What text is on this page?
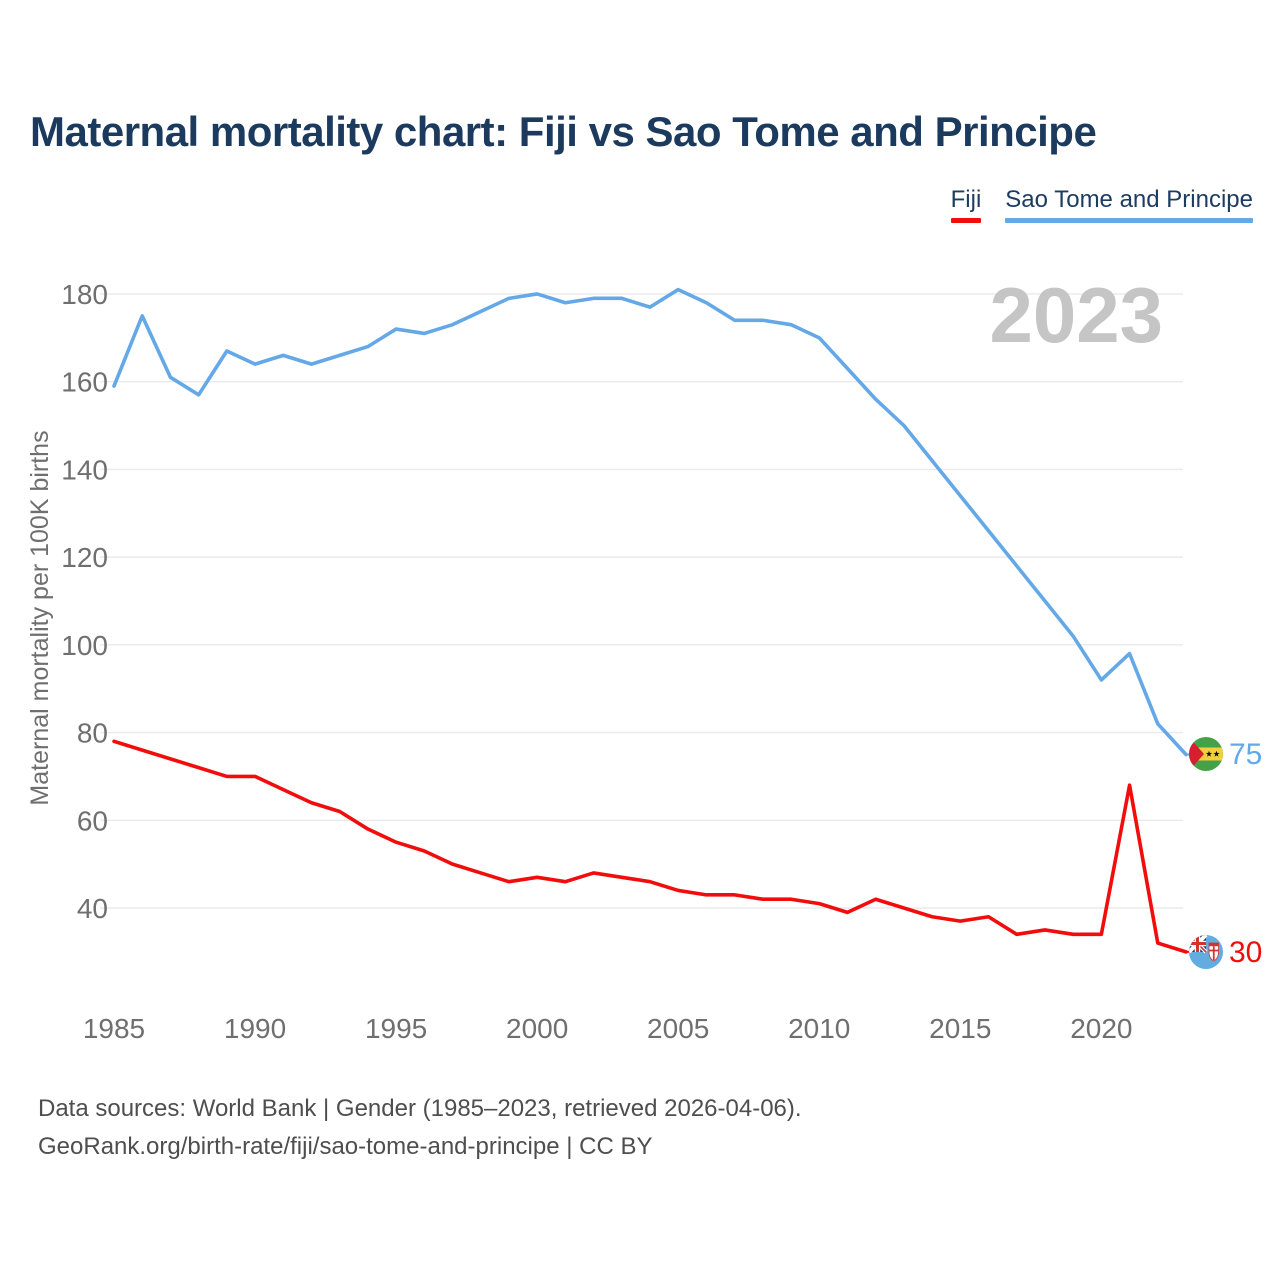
40
60
80
100
120
140
160
180	2023
1985	1990	1995	2000	2005	2010	2015	2020
Maternal mortality per 100K births	75
30
Maternal mortality chart: Fiji vs Sao Tome and Principe
Fiji Sao Tome and Principe
Data sources: World Bank | Gender (1985–2023, retrieved 2026-04-06).
GeoRank.org/birth-rate/fiji/sao-tome-and-principe | CC BY
